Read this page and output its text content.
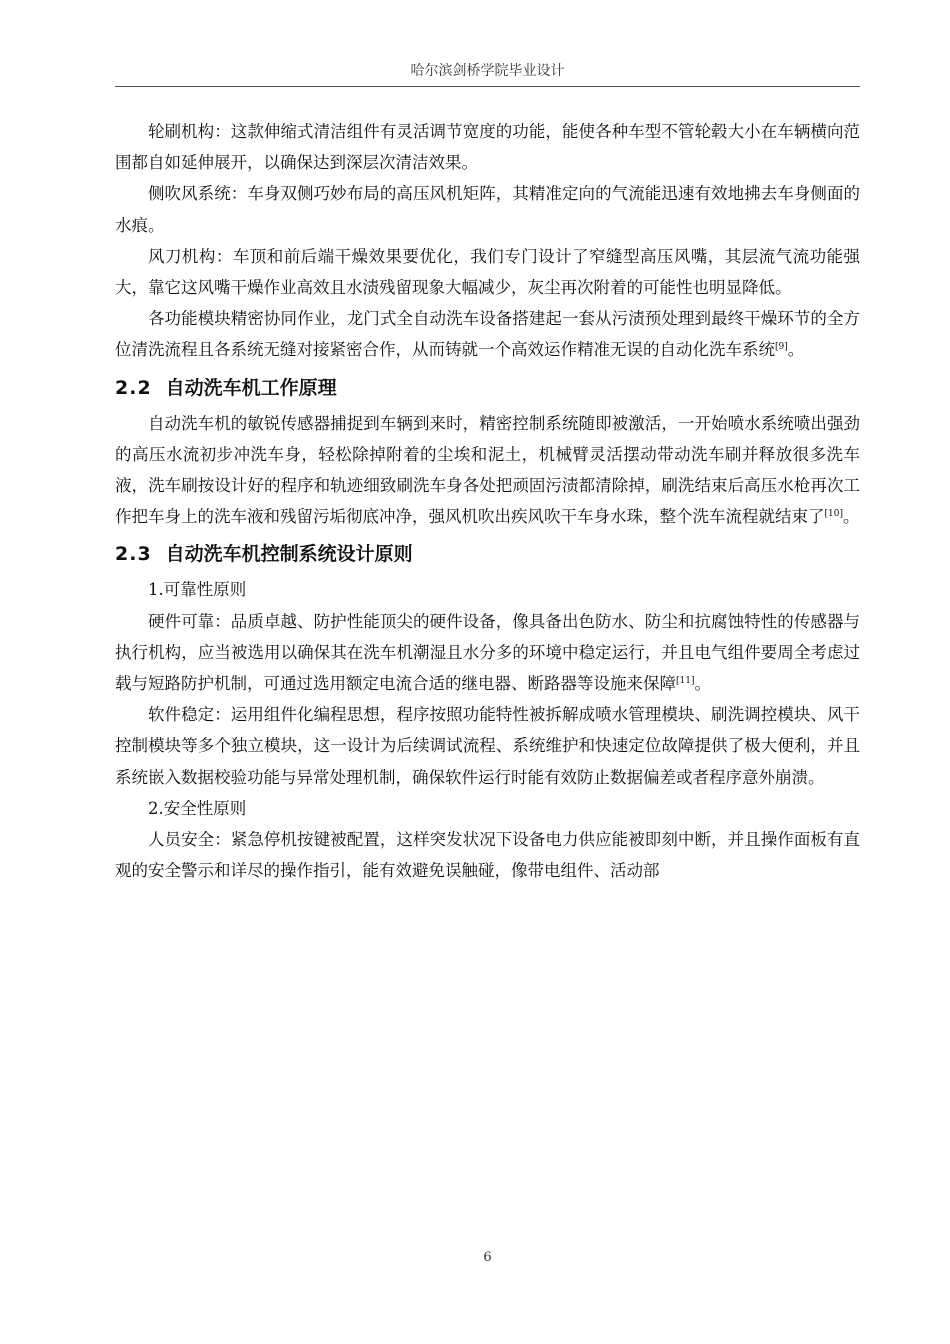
哈尔滨剑桥学院毕业设计

轮刷机构：这款伸缩式清洁组件有灵活调节宽度的功能，能使各种车型不管轮毂大小在车辆横向范围都自如延伸展开，以确保达到深层次清洁效果。

侧吹风系统：车身双侧巧妙布局的高压风机矩阵，其精准定向的气流能迅速有效地拂去车身侧面的水痕。

风刀机构：车顶和前后端干燥效果要优化，我们专门设计了窄缝型高压风嘴，其层流气流功能强大，靠它这风嘴干燥作业高效且水渍残留现象大幅减少，灰尘再次附着的可能性也明显降低。

各功能模块精密协同作业，龙门式全自动洗车设备搭建起一套从污渍预处理到最终干燥环节的全方位清洗流程且各系统无缝对接紧密合作，从而铸就一个高效运作精准无误的自动化洗车系统[9]。

2.2 自动洗车机工作原理

自动洗车机的敏锐传感器捕捉到车辆到来时，精密控制系统随即被激活，一开始喷水系统喷出强劲的高压水流初步冲洗车身，轻松除掉附着的尘埃和泥土，机械臂灵活摆动带动洗车刷并释放很多洗车液，洗车刷按设计好的程序和轨迹细致刷洗车身各处把顽固污渍都清除掉，刷洗结束后高压水枪再次工作把车身上的洗车液和残留污垢彻底冲净，强风机吹出疾风吹干车身水珠，整个洗车流程就结束了[10]。

2.3 自动洗车机控制系统设计原则

1.可靠性原则

硬件可靠：品质卓越、防护性能顶尖的硬件设备，像具备出色防水、防尘和抗腐蚀特性的传感器与执行机构，应当被选用以确保其在洗车机潮湿且水分多的环境中稳定运行，并且电气组件要周全考虑过载与短路防护机制，可通过选用额定电流合适的继电器、断路器等设施来保障[11]。

软件稳定：运用组件化编程思想，程序按照功能特性被拆解成喷水管理模块、刷洗调控模块、风干控制模块等多个独立模块，这一设计为后续调试流程、系统维护和快速定位故障提供了极大便利，并且系统嵌入数据校验功能与异常处理机制，确保软件运行时能有效防止数据偏差或者程序意外崩溃。

2.安全性原则

人员安全：紧急停机按键被配置，这样突发状况下设备电力供应能被即刻中断，并且操作面板有直观的安全警示和详尽的操作指引，能有效避免误触碰，像带电组件、活动部

6
